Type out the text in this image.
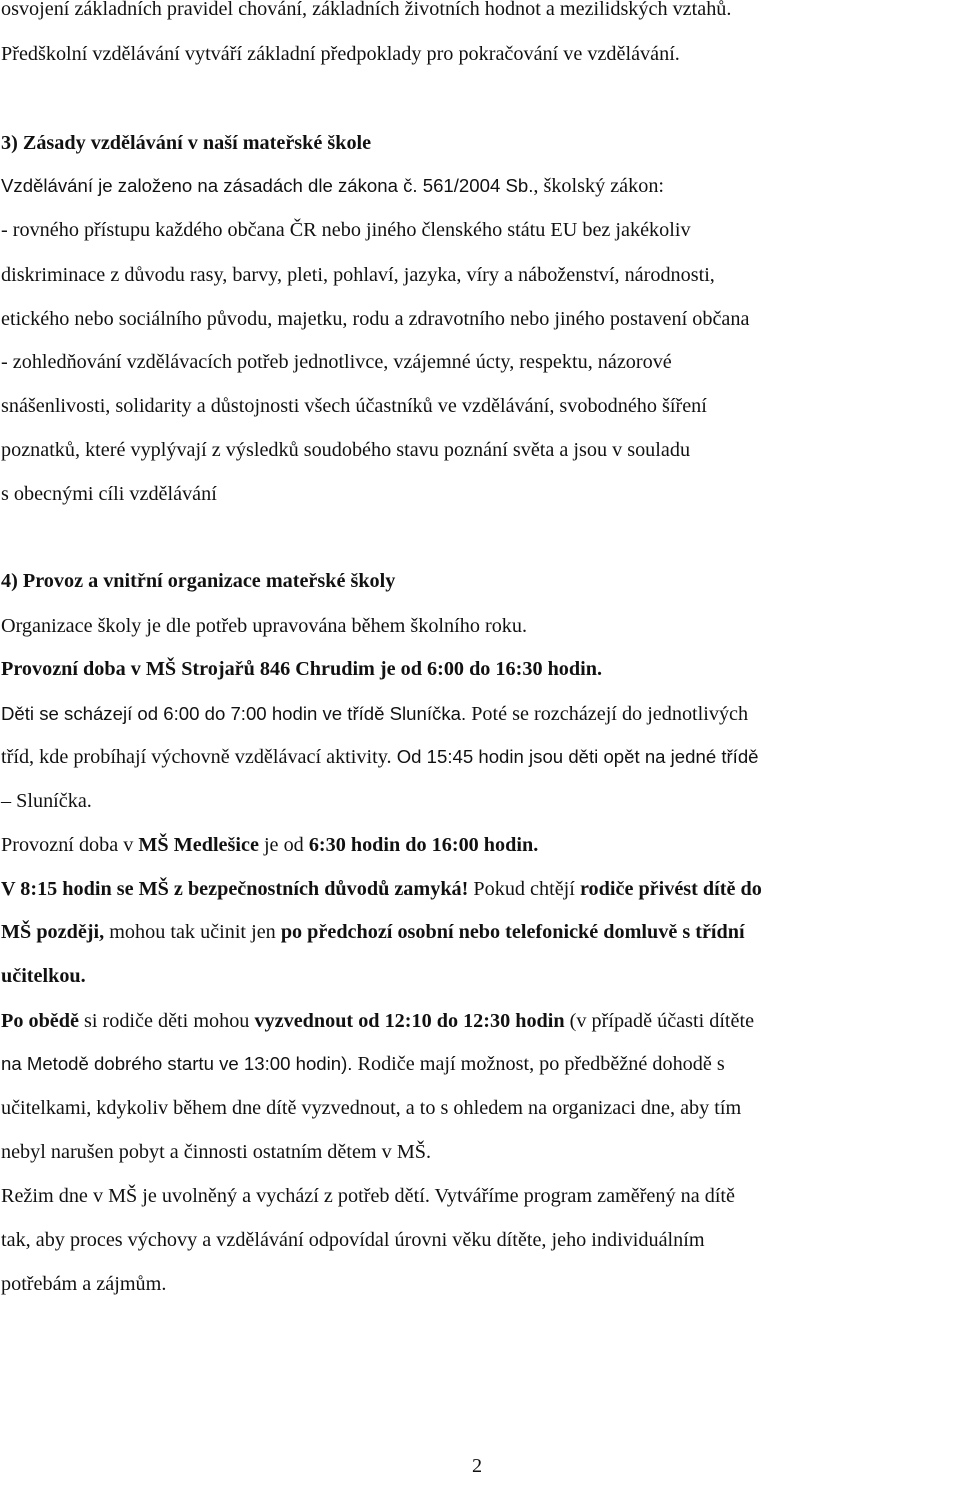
osvojení základních pravidel chování, základních životních hodnot a mezilidských vztahů.

Předškolní vzdělávání vytváří základní předpoklady pro pokračování ve vzdělávání.

3) Zásady vzdělávání v naší mateřské škole

Vzdělávání je založeno na zásadách dle zákona č. 561/2004 Sb., školský zákon:

- rovného přístupu každého občana ČR nebo jiného členského státu EU bez jakékoliv

diskriminace z důvodu rasy, barvy, pleti, pohlaví, jazyka, víry a náboženství, národnosti,

etického nebo sociálního původu, majetku, rodu a zdravotního nebo jiného postavení občana

- zohledňování vzdělávacích potřeb jednotlivce, vzájemné úcty, respektu, názorové

snášenlivosti, solidarity a důstojnosti všech účastníků ve vzdělávání, svobodného šíření

poznatků, které vyplývají z výsledků soudobého stavu poznání světa a jsou v souladu

s obecnými cíli vzdělávání

4) Provoz a vnitřní organizace mateřské školy

Organizace školy je dle potřeb upravována během školního roku.

Provozní doba v MŠ Strojařů 846 Chrudim je od 6:00 do 16:30 hodin.

Děti se scházejí od 6:00 do 7:00 hodin ve třídě Sluníčka. Poté se rozcházejí do jednotlivých

tříd, kde probíhají výchovně vzdělávací aktivity. Od 15:45 hodin jsou děti opět na jedné třídě

– Sluníčka.

Provozní doba v MŠ Medlešice je od 6:30 hodin do 16:00 hodin.

V 8:15 hodin se MŠ z bezpečnostních důvodů zamyká! Pokud chtějí rodiče přivést dítě do

MŠ později, mohou tak učinit jen po předchozí osobní nebo telefonické domluvě s třídní

učitelkou.

Po obědě si rodiče děti mohou vyzvednout od 12:10 do 12:30 hodin (v případě účasti dítěte

na Metodě dobrého startu ve 13:00 hodin). Rodiče mají možnost, po předběžné dohodě s

učitelkami, kdykoliv během dne dítě vyzvednout, a to s ohledem na organizaci dne, aby tím

nebyl narušen pobyt a činnosti ostatním dětem v MŠ.

Režim dne v MŠ je uvolněný a vychází z potřeb dětí. Vytváříme program zaměřený na dítě

tak, aby proces výchovy a vzdělávání odpovídal úrovni věku dítěte, jeho individuálním

potřebám a zájmům.

2
